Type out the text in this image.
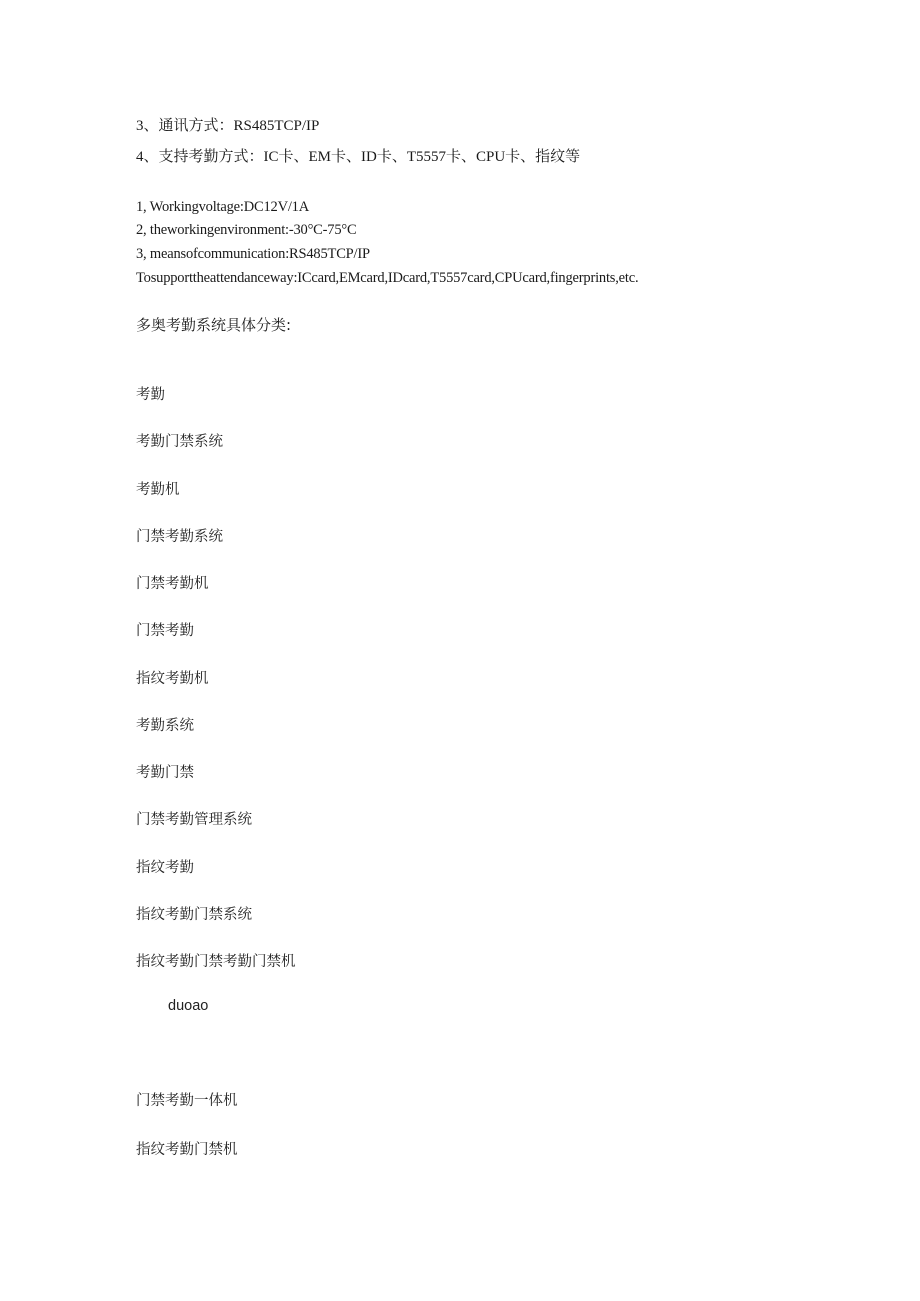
3、通讯方式：RS485TCP/IP
4、支持考勤方式：IC卡、EM卡、ID卡、T5557卡、CPU卡、指纹等
1, Workingvoltage:DC12V/1A
2, theworkingenvironment:-30°C-75°C
3, meansofcommunication:RS485TCP/IP
Tosupporttheattendanceway:ICcard,EMcard,IDcard,T5557card,CPUcard,fingerprints,etc.
多奥考勤系统具体分类:
考勤
考勤门禁系统
考勤机
门禁考勤系统
门禁考勤机
门禁考勤
指纹考勤机
考勤系统
考勤门禁
门禁考勤管理系统
指纹考勤
指纹考勤门禁系统
指纹考勤门禁考勤门禁机
duoao
门禁考勤一体机
指纹考勤门禁机
